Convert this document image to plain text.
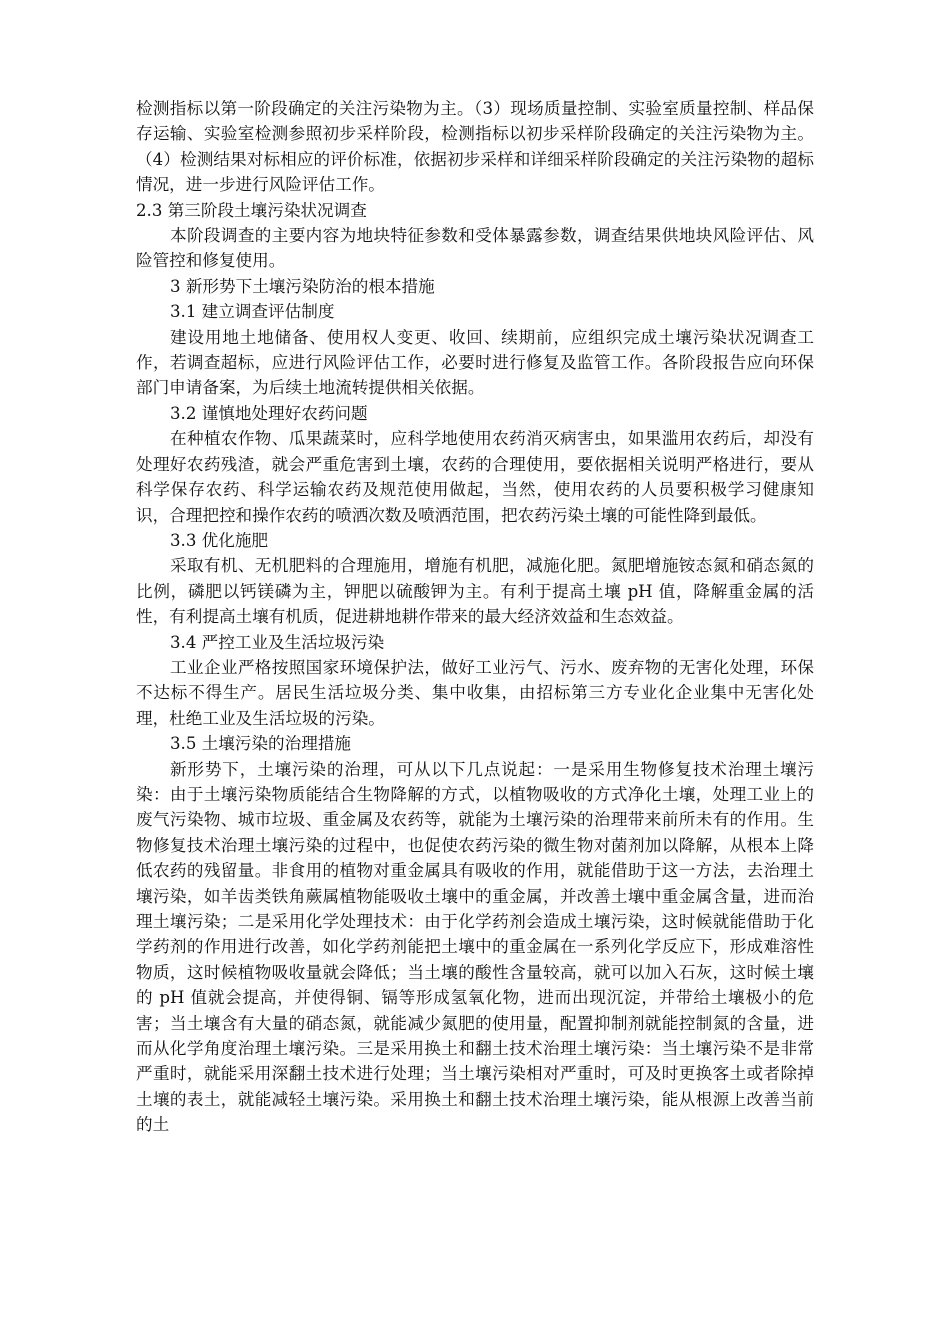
检测指标以第一阶段确定的关注污染物为主。（3）现场质量控制、实验室质量控制、样品保存运输、实验室检测参照初步采样阶段，检测指标以初步采样阶段确定的关注污染物为主。（4）检测结果对标相应的评价标准，依据初步采样和详细采样阶段确定的关注污染物的超标情况，进一步进行风险评估工作。

2.3 第三阶段土壤污染状况调查

本阶段调查的主要内容为地块特征参数和受体暴露参数，调查结果供地块风险评估、风险管控和修复使用。

3 新形势下土壤污染防治的根本措施

3.1 建立调查评估制度

建设用地土地储备、使用权人变更、收回、续期前，应组织完成土壤污染状况调查工作，若调查超标，应进行风险评估工作，必要时进行修复及监管工作。各阶段报告应向环保部门申请备案，为后续土地流转提供相关依据。

3.2 谨慎地处理好农药问题

在种植农作物、瓜果蔬菜时，应科学地使用农药消灭病害虫，如果滥用农药后，却没有处理好农药残渣，就会严重危害到土壤，农药的合理使用，要依据相关说明严格进行，要从科学保存农药、科学运输农药及规范使用做起，当然，使用农药的人员要积极学习健康知识，合理把控和操作农药的喷洒次数及喷洒范围，把农药污染土壤的可能性降到最低。

3.3 优化施肥

采取有机、无机肥料的合理施用，增施有机肥，减施化肥。氮肥增施铵态氮和硝态氮的比例，磷肥以钙镁磷为主，钾肥以硫酸钾为主。有利于提高土壤 pH 值，降解重金属的活性，有利提高土壤有机质，促进耕地耕作带来的最大经济效益和生态效益。

3.4 严控工业及生活垃圾污染

工业企业严格按照国家环境保护法，做好工业污气、污水、废弃物的无害化处理，环保不达标不得生产。居民生活垃圾分类、集中收集，由招标第三方专业化企业集中无害化处理，杜绝工业及生活垃圾的污染。

3.5 土壤污染的治理措施

新形势下，土壤污染的治理，可从以下几点说起：一是采用生物修复技术治理土壤污染：由于土壤污染物质能结合生物降解的方式，以植物吸收的方式净化土壤，处理工业上的废气污染物、城市垃圾、重金属及农药等，就能为土壤污染的治理带来前所未有的作用。生物修复技术治理土壤污染的过程中，也促使农药污染的微生物对菌剂加以降解，从根本上降低农药的残留量。非食用的植物对重金属具有吸收的作用，就能借助于这一方法，去治理土壤污染，如羊齿类铁角蕨属植物能吸收土壤中的重金属，并改善土壤中重金属含量，进而治理土壤污染；二是采用化学处理技术：由于化学药剂会造成土壤污染，这时候就能借助于化学药剂的作用进行改善，如化学药剂能把土壤中的重金属在一系列化学反应下，形成难溶性物质，这时候植物吸收量就会降低；当土壤的酸性含量较高，就可以加入石灰，这时候土壤的 pH 值就会提高，并使得铜、镉等形成氢氧化物，进而出现沉淀，并带给土壤极小的危害；当土壤含有大量的硝态氮，就能减少氮肥的使用量，配置抑制剂就能控制氮的含量，进而从化学角度治理土壤污染。三是采用换土和翻土技术治理土壤污染：当土壤污染不是非常严重时，就能采用深翻土技术进行处理；当土壤污染相对严重时，可及时更换客土或者除掉土壤的表土，就能减轻土壤污染。采用换土和翻土技术治理土壤污染，能从根源上改善当前的土
